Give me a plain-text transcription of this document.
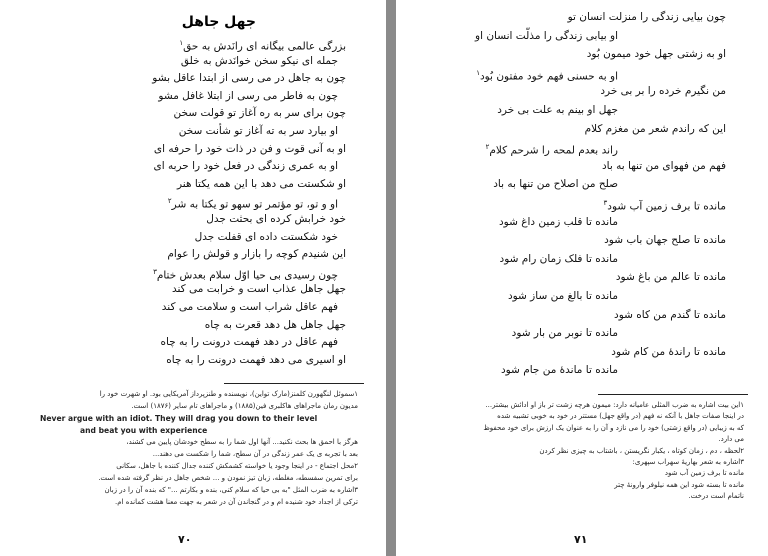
جهل جاهل
بزرگی عالمی بیگانه ای رانَدش به حق$^۱$
جمله ای نیکو سخن خوانَدش به خلق
چون به جاهل در می رسی از ابتدا عاقل بشو
چون به فاطر می رسی از ابتلا غافل مشو
چون برای سر به ره آغاز تو قولت سخن
او بیارد سر به ته آغاز تو شأنت سخن
او به آنی قوت و فن در ذات خود را حرفه ای
او به عمری زندگی در فعل خود را حربه ای
او شکستت می دهد با این همه یکتا هنر
او و تو، تو مؤتمر تو سهو تو یکتا به شر$^۲$
خود خرابش کرده ای بحثت جدل
خود شکستت داده ای قفلت جدل
این شنیدم کوچه را بازار و قولش را عوام
چون رسیدی بی حیا اوّل سلام بعدش ختام$^۳$
جهل جاهل عذاب است و خرابت می کند
فهم عاقل شراب است و سلامت می کند
جهل جاهل هل دهد قعرت به چاه
فهم عاقل در دهد فهمت درونت را به چاه
او اسیری می دهد فهمت درونت را به چاه
۱سموئل لنگهورن کلمنز(مارک تواین)، نویسنده و طنزپرداز آمریکایی بود. او شهرت خود را
مدیون رمان ماجراهای هاکلبری فین(۱۸۸۵) و ماجراهای تام سایر (۱۸۷۶) است.
Never argue with an idiot. They will drag you down to their level
and beat you with experience
هرگز با احمق ها بحث نکنید... آنها اول شما را به سطح خودشان پایین می کشند،
بعد با تجربه ی یک عمر زندگی در آن سطح، شما را شکست می دهند...
۲محل اجتماع - در اینجا وجود یا خواسته کشمکش کننده جدال کننده با جاهل، سکانی
برای تمرین سفسطه، مغلطه، زبان تیز نمودن و ... شخص جاهل در نظر گرفته شده است.
۳اشاره به ضرب المثل "به بی حیا که سلام کنی، بنده و بکارتم ..." که بنده آن را در زبان
ترکی از اجداد خود شنیده ام و در گنجاندن آن در شعر به جهت معنا هشت کمانده ام.
۷۰
چون بیایی زندگی را منزلت انسان تو
او بیابی زندگی را مذلّت انسان او
او به زشتی جهل خود میمون بُود
او به حسنی فهم خود مفتون بُود$^۱$
من نگیرم خرده را بر بی خرد
جهل او بینم به علت بی خرد
این که راندم شعر من مغزم کلام
راند بعدم لمحه را شرحم کلام$^۲$
فهم من فهوای من تنها به باد
صلح من اصلاح من تنها به باد
مانده تا برف زمین آب شود$^۳$
مانده تا قلب زمین داغ شود
مانده تا صلح جهان باب شود
مانده تا فلک زمان رام شود
مانده تا عالم من باغ شود
مانده تا بالغ من ساز شود
مانده تا گندم من کاه شود
مانده تا نوبر من بار شود
مانده تا راندۀ من کام شود
مانده تا ماندۀ من جام شود
۱این بیت اشاره به ضرب المثلی عامیانه دارد: میمون هرچه زشت تر باز او ادائش بیشتر...
در اینجا صفات جاهل با آنکه نه فهم (در واقع جهل) مستتر در خود به خوبی تشبیه شده
که به زیبایی (در واقع زشتی) خود را می نازد و آن را به عنوان یک ارزش برای خود محفوظ
می دارد.
۲لحظه ، دم ، زمان کوتاه ، یکبار نگریستن ، باشتاب به چیزی نظر کردن
۳اشاره به شعر بهاریۀ سهراب سپهری:
مانده تا برف زمین آب شود
مانده تا بسته شود این همه نیلوفر وارونۀ چتر
ناتمام است درخت.
۷۱
